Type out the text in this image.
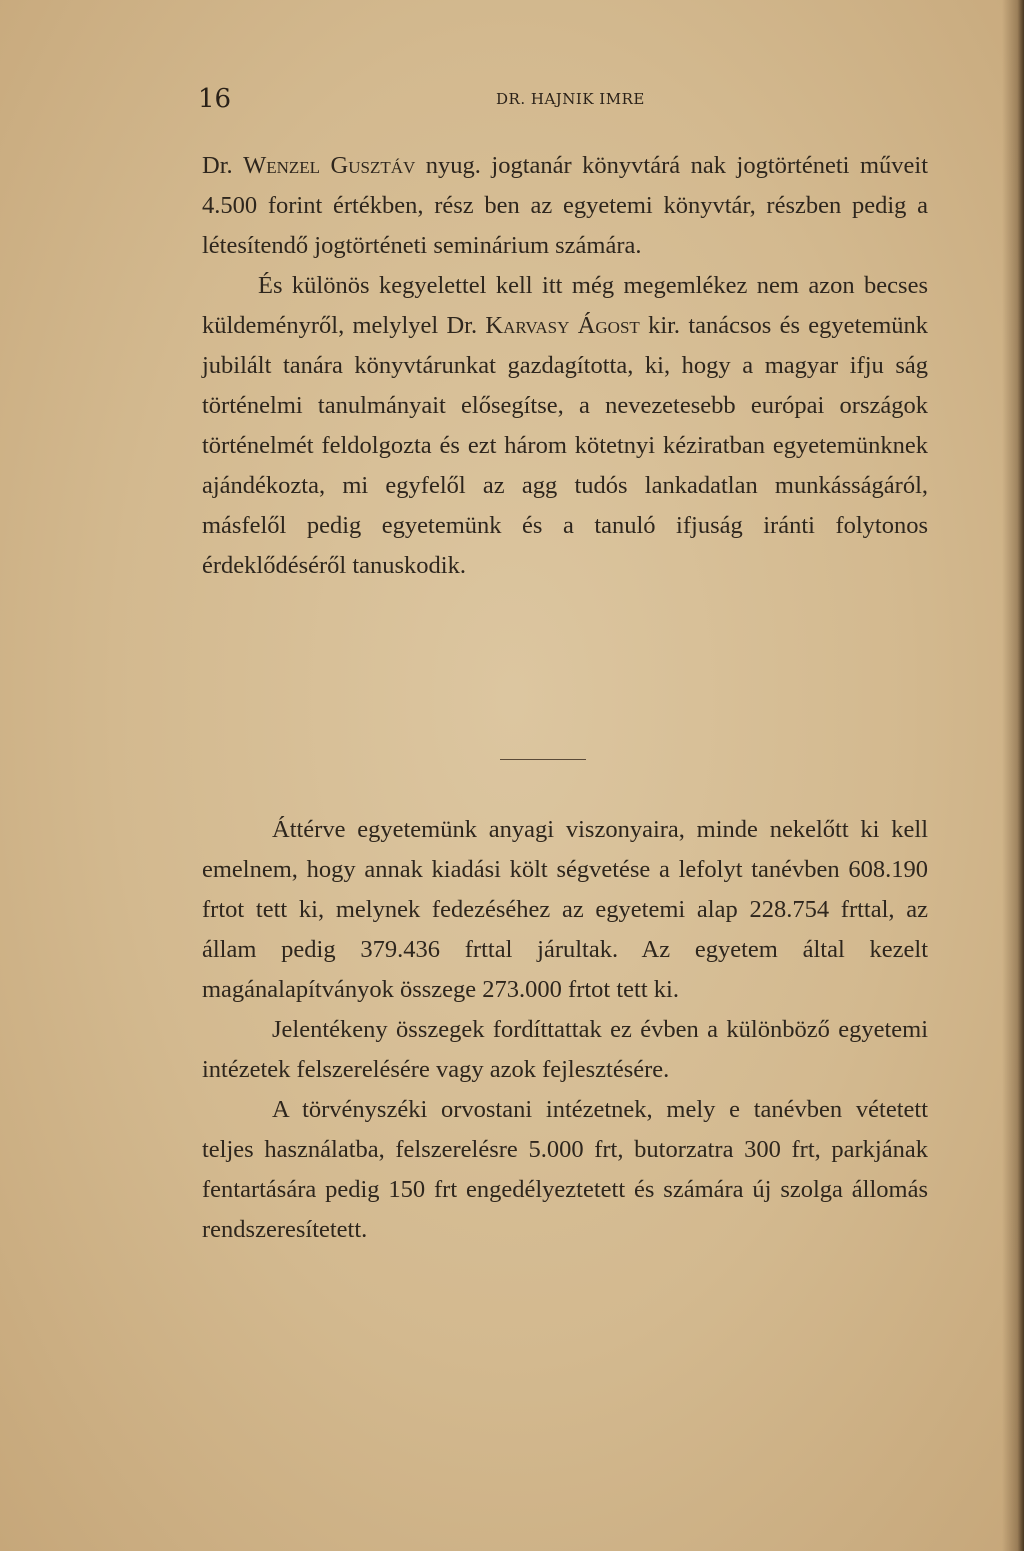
16	DR. HAJNIK IMRE

Dr. Wenzel Gusztáv nyug. jogtanár könyvtárá nak jogtörténeti műveit 4.500 forint értékben, rész ben az egyetemi könyvtár, részben pedig a létesítendő jogtörténeti seminárium számára.

És különös kegyelettel kell itt még megemlékez nem azon becses küldeményről, melylyel Dr. Karvasy Ágost kir. tanácsos és egyetemünk jubilált tanára könyvtárunkat gazdagította, ki, hogy a magyar ifju ság történelmi tanulmányait elősegítse, a nevezetesebb európai országok történelmét feldolgozta és ezt három kötetnyi kéziratban egyetemünknek ajándékozta, mi egyfelől az agg tudós lankadatlan munkásságáról, másfelől pedig egyetemünk és a tanuló ifjuság iránti folytonos érdeklődéséről tanuskodik.

Áttérve egyetemünk anyagi viszonyaira, minde nekelőtt ki kell emelnem, hogy annak kiadási költ ségvetése a lefolyt tanévben 608.190 frtot tett ki, melynek fedezéséhez az egyetemi alap 228.754 frttal, az állam pedig 379.436 frttal járultak. Az egyetem által kezelt magánalapítványok összege 273.000 frtot tett ki.

Jelentékeny összegek fordíttattak ez évben a különböző egyetemi intézetek felszerelésére vagy azok fejlesztésére.

A törvényszéki orvostani intézetnek, mely e tanévben vétetett teljes használatba, felszerelésre 5.000 frt, butorzatra 300 frt, parkjának fentartására pedig 150 frt engedélyeztetett és számára új szolga állomás rendszeresítetett.
